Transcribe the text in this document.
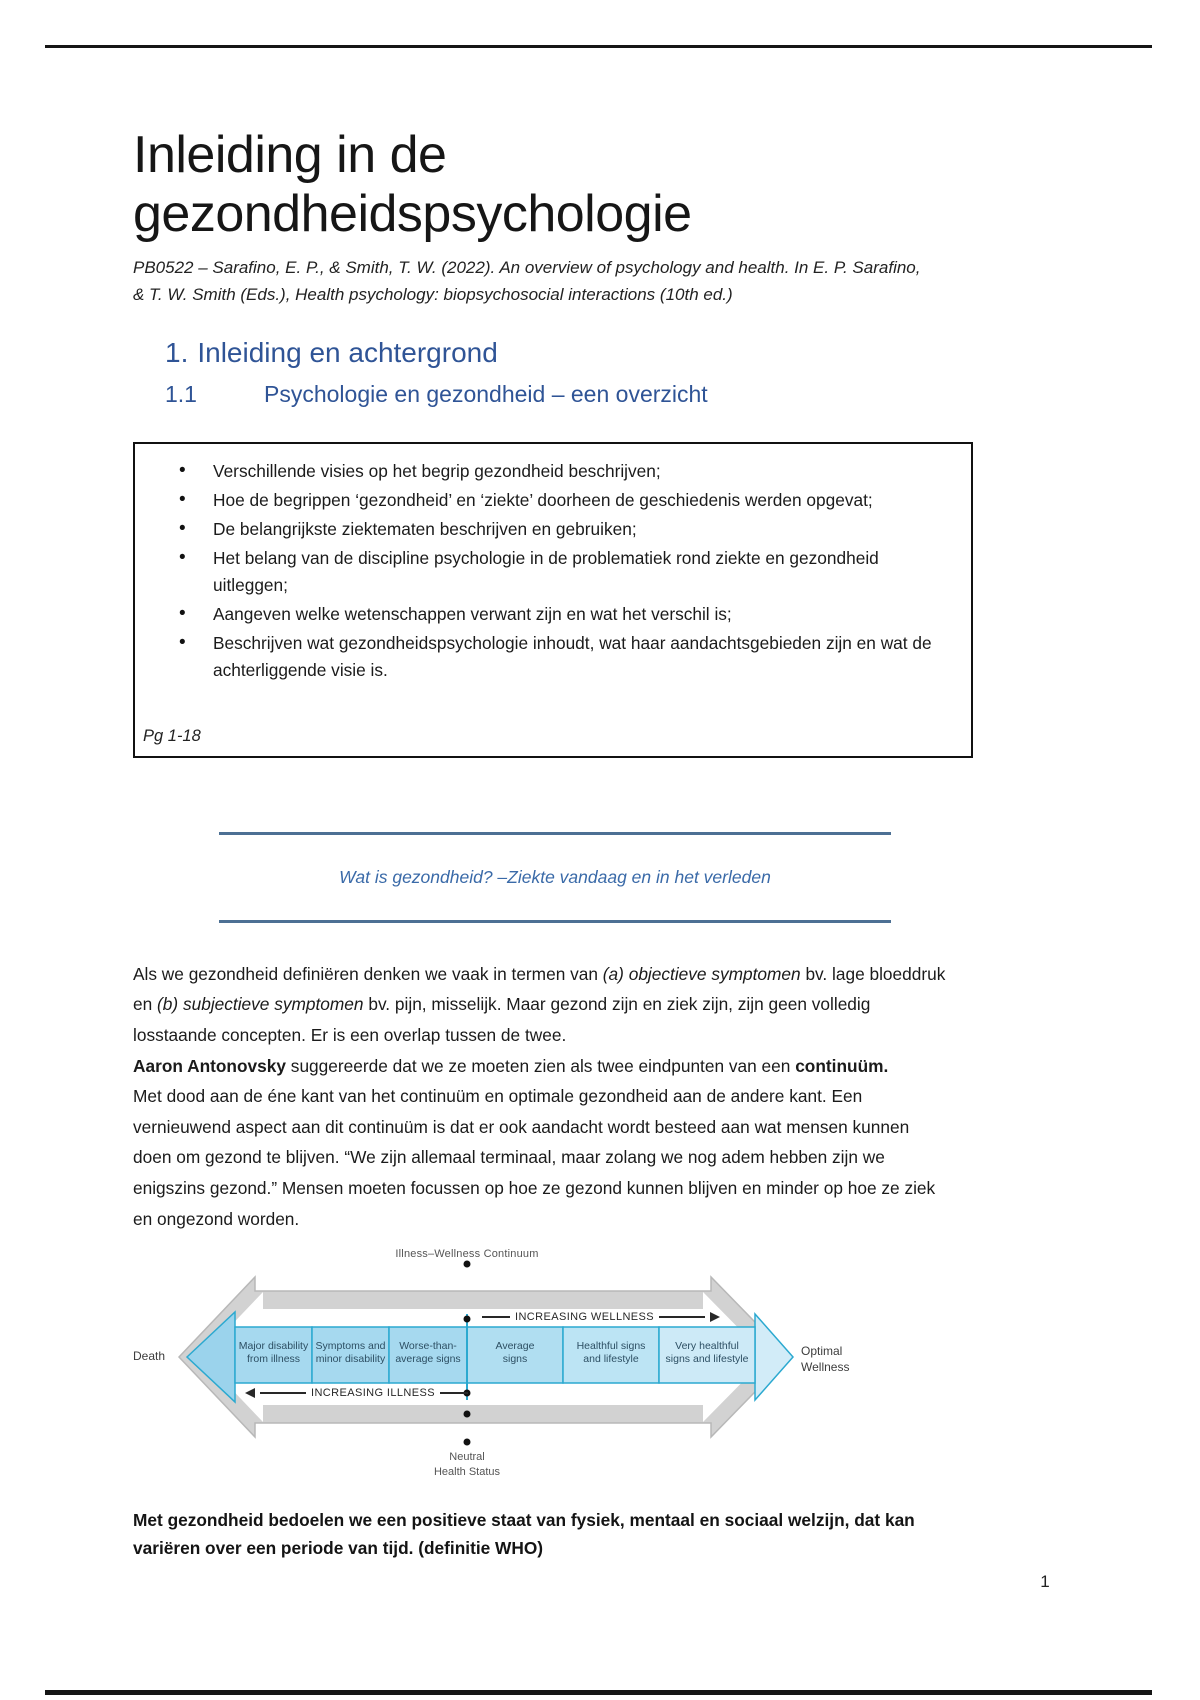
Inleiding in de
gezondheidspsychologie

PB0522 – Sarafino, E. P., & Smith, T. W. (2022). An overview of psychology and health. In E. P. Sarafino, & T. W. Smith (Eds.), Health psychology: biopsychosocial interactions (10th ed.)

1. Inleiding en achtergrond
1.1	Psychologie en gezondheid – een overzicht
• Verschillende visies op het begrip gezondheid beschrijven;
• Hoe de begrippen ‘gezondheid’ en ‘ziekte’ doorheen de geschiedenis werden opgevat;
• De belangrijkste ziektematen beschrijven en gebruiken;
• Het belang van de discipline psychologie in de problematiek rond ziekte en gezondheid uitleggen;
• Aangeven welke wetenschappen verwant zijn en wat het verschil is;
• Beschrijven wat gezondheidspsychologie inhoudt, wat haar aandachtsgebieden zijn en wat de achterliggende visie is.
Pg 1-18
Wat is gezondheid? –Ziekte vandaag en in het verleden
Als we gezondheid definiëren denken we vaak in termen van (a) objectieve symptomen bv. lage bloeddruk en (b) subjectieve symptomen bv. pijn, misselijk. Maar gezond zijn en ziek zijn, zijn geen volledig losstaande concepten. Er is een overlap tussen de twee.
Aaron Antonovsky suggereerde dat we ze moeten zien als twee eindpunten van een continuüm.
Met dood aan de éne kant van het continuüm en optimale gezondheid aan de andere kant. Een vernieuwend aspect aan dit continuüm is dat er ook aandacht wordt besteed aan wat mensen kunnen doen om gezond te blijven. “We zijn allemaal terminaal, maar zolang we nog adem hebben zijn we enigszins gezond.” Mensen moeten focussen op hoe ze gezond kunnen blijven en minder op hoe ze ziek en ongezond worden.
Illness–Wellness Continuum
INCREASING WELLNESS
INCREASING ILLNESS
Death	Optimal
Wellness
Major disability
from illness
Symptoms and
minor disability
Worse-than-
average signs
Average
signs
Healthful signs
and lifestyle
Very healthful
signs and lifestyle
Neutral
Health Status
Met gezondheid bedoelen we een positieve staat van fysiek, mentaal en sociaal welzijn, dat kan variëren over een periode van tijd. (definitie WHO)
1
